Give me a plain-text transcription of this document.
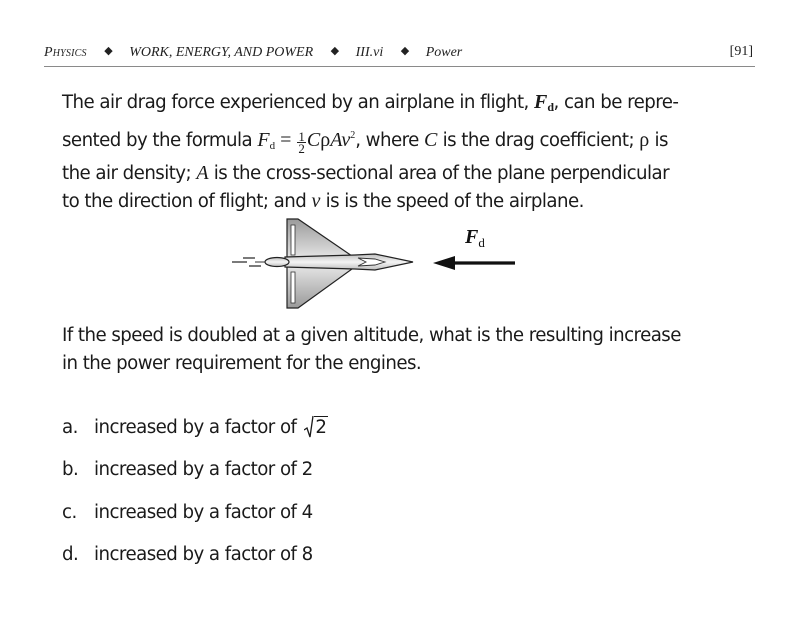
Physics ◆ WORK, ENERGY, AND POWER ◆ III.vi ◆ Power	[91]
The air drag force experienced by an airplane in flight, Fd, can be repre-
sented by the formula $F_d = \frac{1}{2} C\rho Av^2$, where C is the drag coefficient; ρ is
the air density; A is the cross-sectional area of the plane perpendicular
to the direction of flight; and v is is the speed of the airplane.
$F_d$
If the speed is doubled at a given altitude, what is the resulting increase
in the power requirement for the engines.
a. increased by a factor of 2
b. increased by a factor of 2
c. increased by a factor of 4
d. increased by a factor of 8
